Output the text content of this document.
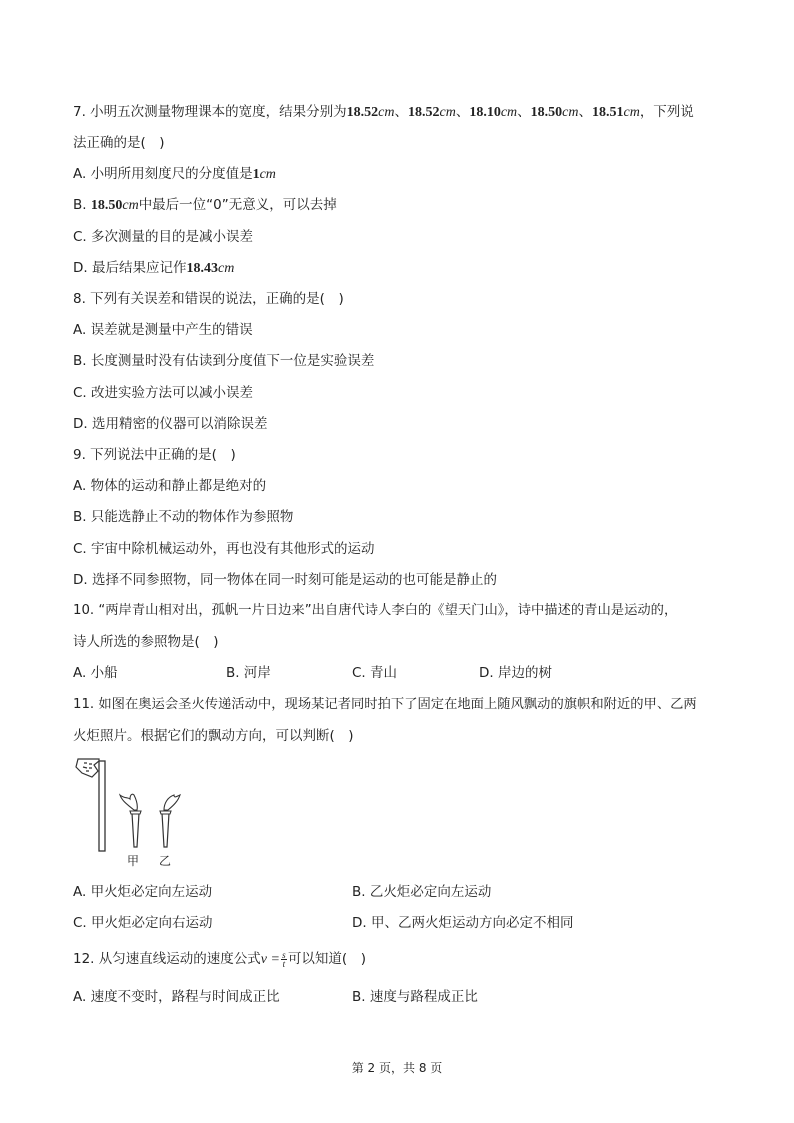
7. 小明五次测量物理课本的宽度，结果分别为18.52cm、18.52cm、18.10cm、18.50cm、18.51cm，下列说
法正确的是(　)
A. 小明所用刻度尺的分度值是1cm
B. 18.50cm中最后一位“0”无意义，可以去掉
C. 多次测量的目的是减小误差
D. 最后结果应记作18.43cm
8. 下列有关误差和错误的说法，正确的是(　)
A. 误差就是测量中产生的错误
B. 长度测量时没有估读到分度值下一位是实验误差
C. 改进实验方法可以减小误差
D. 选用精密的仪器可以消除误差
9. 下列说法中正确的是(　)
A. 物体的运动和静止都是绝对的
B. 只能选静止不动的物体作为参照物
C. 宇宙中除机械运动外，再也没有其他形式的运动
D. 选择不同参照物，同一物体在同一时刻可能是运动的也可能是静止的
10. “两岸青山相对出，孤帆一片日边来”出自唐代诗人李白的《望天门山》，诗中描述的青山是运动的，
诗人所选的参照物是(　)
A. 小船	B. 河岸	C. 青山	D. 岸边的树
11. 如图在奥运会圣火传递活动中，现场某记者同时拍下了固定在地面上随风飘动的旗帜和附近的甲、乙两
火炬照片。根据它们的飘动方向，可以判断(　)
甲 乙
A. 甲火炬必定向左运动	B. 乙火炬必定向左运动
C. 甲火炬必定向右运动	D. 甲、乙两火炬运动方向必定不相同
12. 从匀速直线运动的速度公式$v = \frac{s}{t}$ 可以知道(　)
A. 速度不变时，路程与时间成正比	B. 速度与路程成正比
第 2 页，共 8 页
